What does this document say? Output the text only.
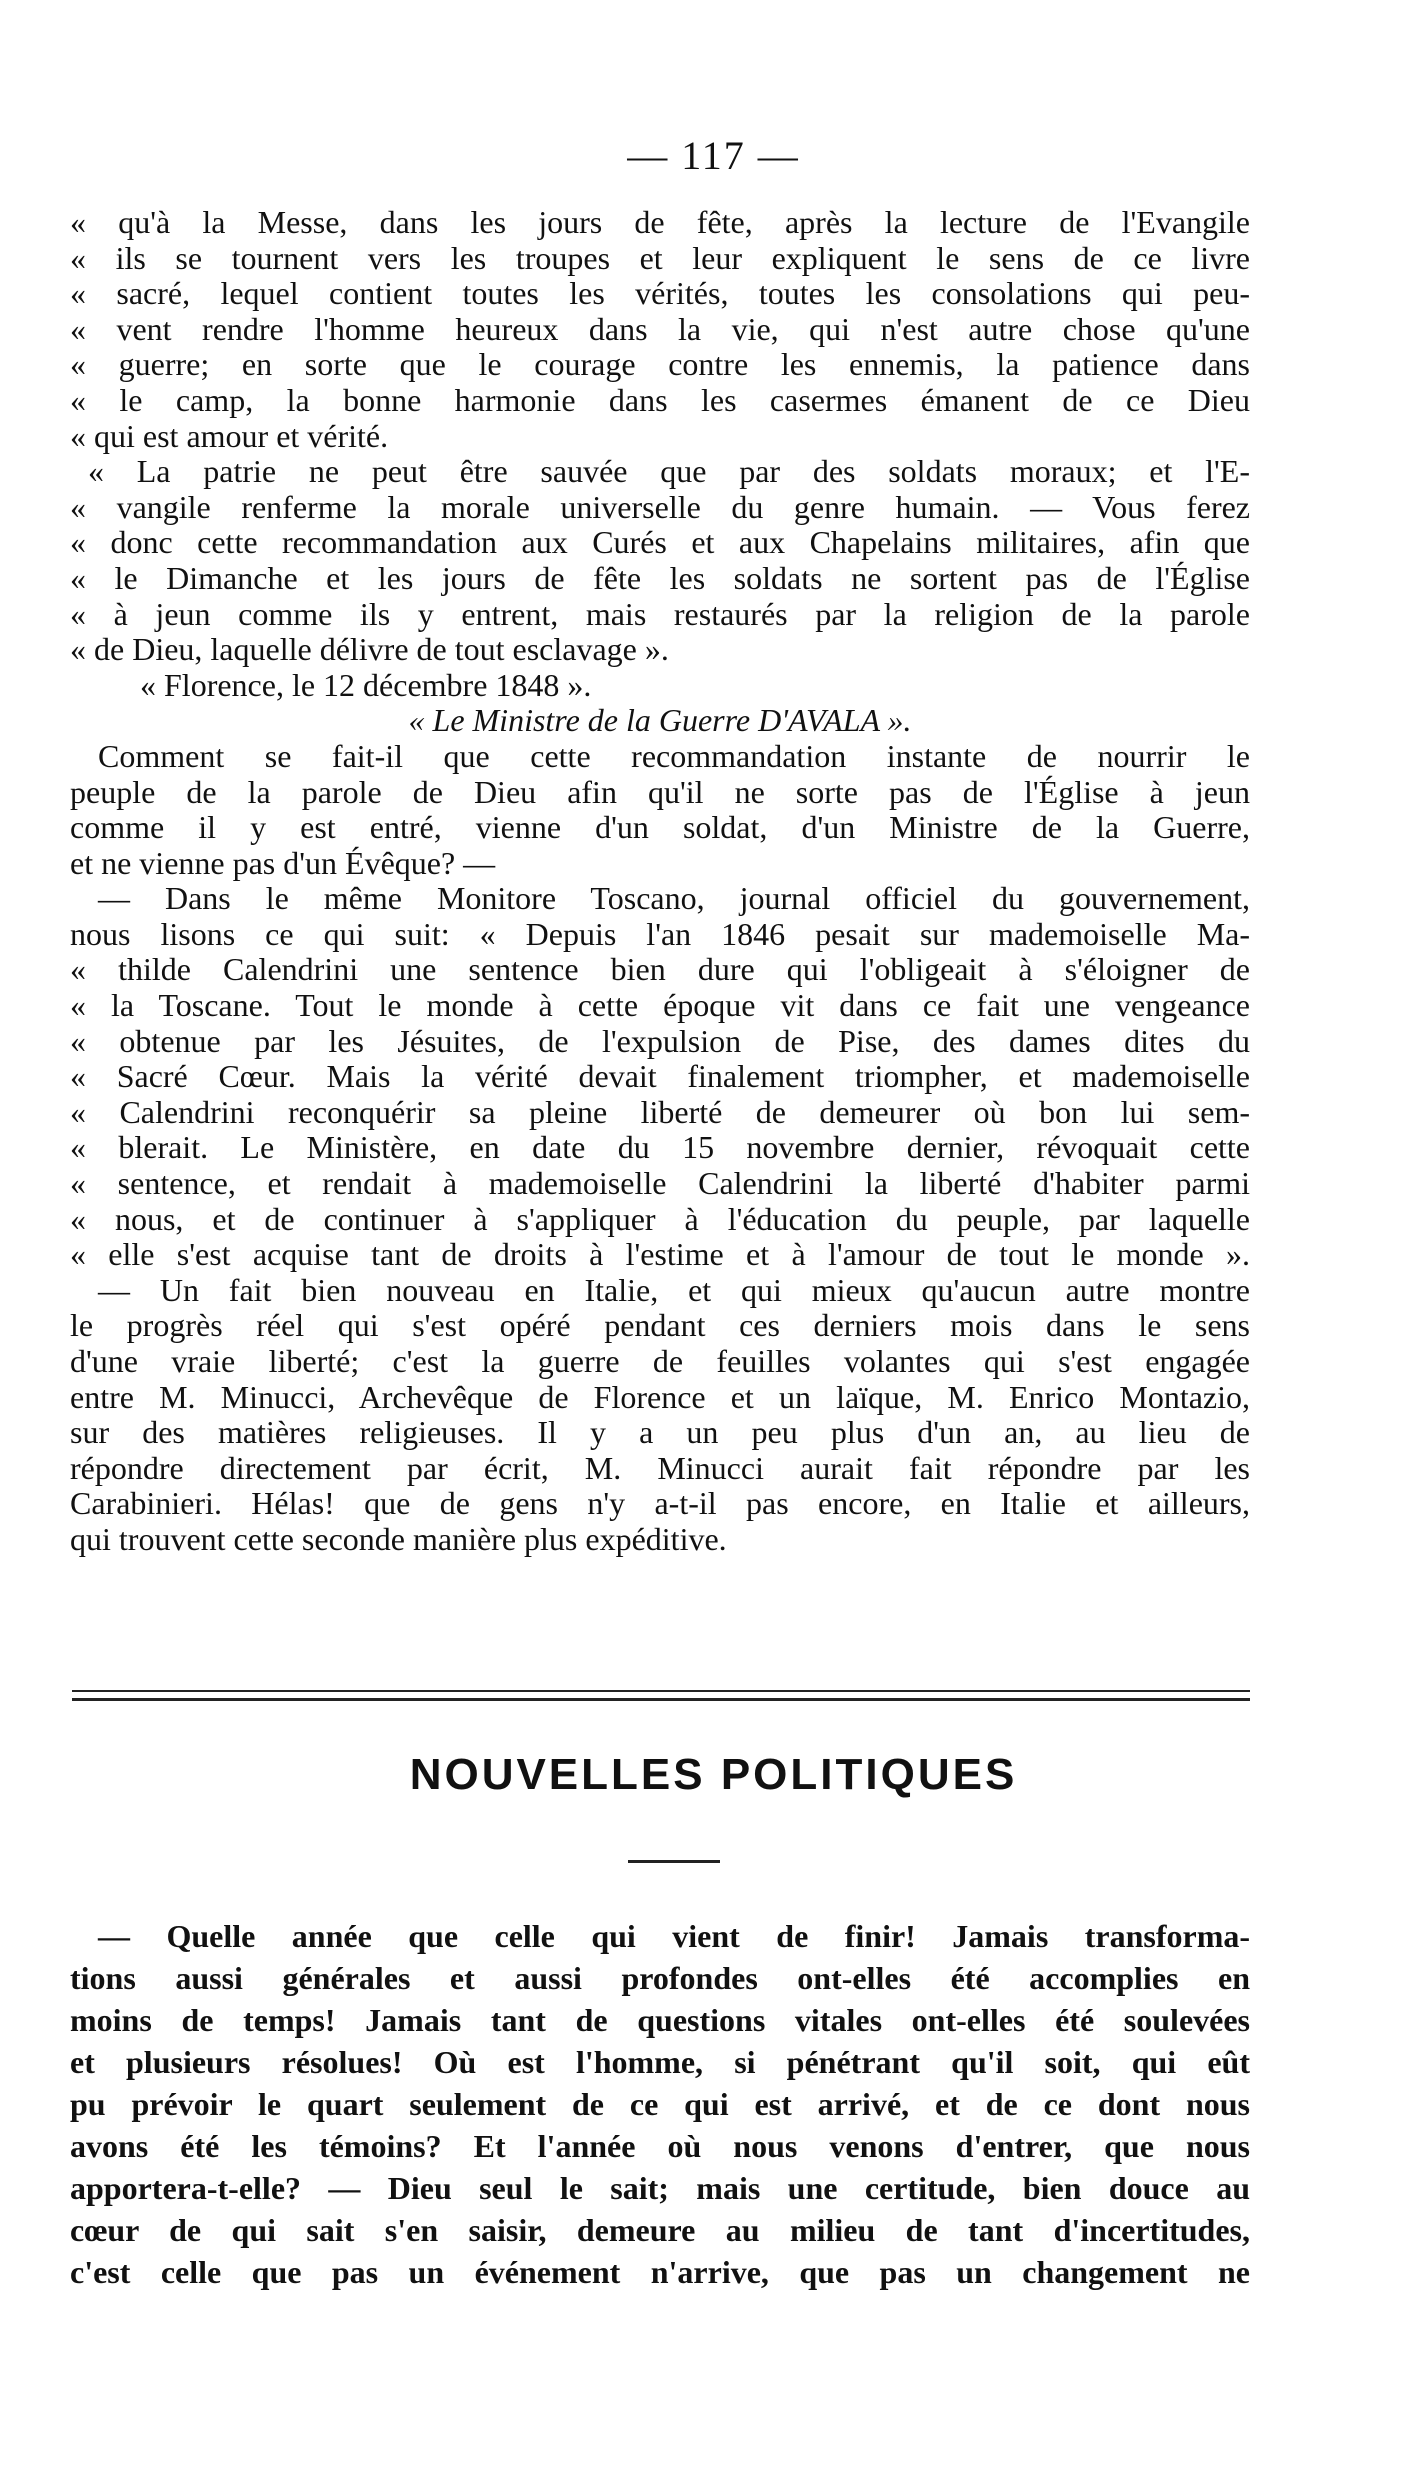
— 117 —
« qu'à la Messe, dans les jours de fête, après la lecture de l'Evangile
« ils se tournent vers les troupes et leur expliquent le sens de ce livre
« sacré, lequel contient toutes les vérités, toutes les consolations qui peu-
« vent rendre l'homme heureux dans la vie, qui n'est autre chose qu'une
« guerre; en sorte que le courage contre les ennemis, la patience dans
« le camp, la bonne harmonie dans les casermes émanent de ce Dieu
« qui est amour et vérité.
« La patrie ne peut être sauvée que par des soldats moraux; et l'E-
« vangile renferme la morale universelle du genre humain. — Vous ferez
« donc cette recommandation aux Curés et aux Chapelains militaires, afin que
« le Dimanche et les jours de fête les soldats ne sortent pas de l'Église
« à jeun comme ils y entrent, mais restaurés par la religion de la parole
« de Dieu, laquelle délivre de tout esclavage ».
« Florence, le 12 décembre 1848 ».
« Le Ministre de la Guerre D'AVALA ».
Comment se fait-il que cette recommandation instante de nourrir le
peuple de la parole de Dieu afin qu'il ne sorte pas de l'Église à jeun
comme il y est entré, vienne d'un soldat, d'un Ministre de la Guerre,
et ne vienne pas d'un Évêque? —
— Dans le même Monitore Toscano, journal officiel du gouvernement,
nous lisons ce qui suit: « Depuis l'an 1846 pesait sur mademoiselle Ma-
« thilde Calendrini une sentence bien dure qui l'obligeait à s'éloigner de
« la Toscane. Tout le monde à cette époque vit dans ce fait une vengeance
« obtenue par les Jésuites, de l'expulsion de Pise, des dames dites du
« Sacré Cœur. Mais la vérité devait finalement triompher, et mademoiselle
« Calendrini reconquérir sa pleine liberté de demeurer où bon lui sem-
« blerait. Le Ministère, en date du 15 novembre dernier, révoquait cette
« sentence, et rendait à mademoiselle Calendrini la liberté d'habiter parmi
« nous, et de continuer à s'appliquer à l'éducation du peuple, par laquelle
« elle s'est acquise tant de droits à l'estime et à l'amour de tout le monde ».
— Un fait bien nouveau en Italie, et qui mieux qu'aucun autre montre
le progrès réel qui s'est opéré pendant ces derniers mois dans le sens
d'une vraie liberté; c'est la guerre de feuilles volantes qui s'est engagée
entre M. Minucci, Archevêque de Florence et un laïque, M. Enrico Montazio,
sur des matières religieuses. Il y a un peu plus d'un an, au lieu de
répondre directement par écrit, M. Minucci aurait fait répondre par les
Carabinieri. Hélas! que de gens n'y a-t-il pas encore, en Italie et ailleurs,
qui trouvent cette seconde manière plus expéditive.
NOUVELLES POLITIQUES
— Quelle année que celle qui vient de finir! Jamais transforma-
tions aussi générales et aussi profondes ont-elles été accomplies en
moins de temps! Jamais tant de questions vitales ont-elles été soulevées
et plusieurs résolues! Où est l'homme, si pénétrant qu'il soit, qui eût
pu prévoir le quart seulement de ce qui est arrivé, et de ce dont nous
avons été les témoins? Et l'année où nous venons d'entrer, que nous
apportera-t-elle? — Dieu seul le sait; mais une certitude, bien douce au
cœur de qui sait s'en saisir, demeure au milieu de tant d'incertitudes,
c'est celle que pas un événement n'arrive, que pas un changement ne
